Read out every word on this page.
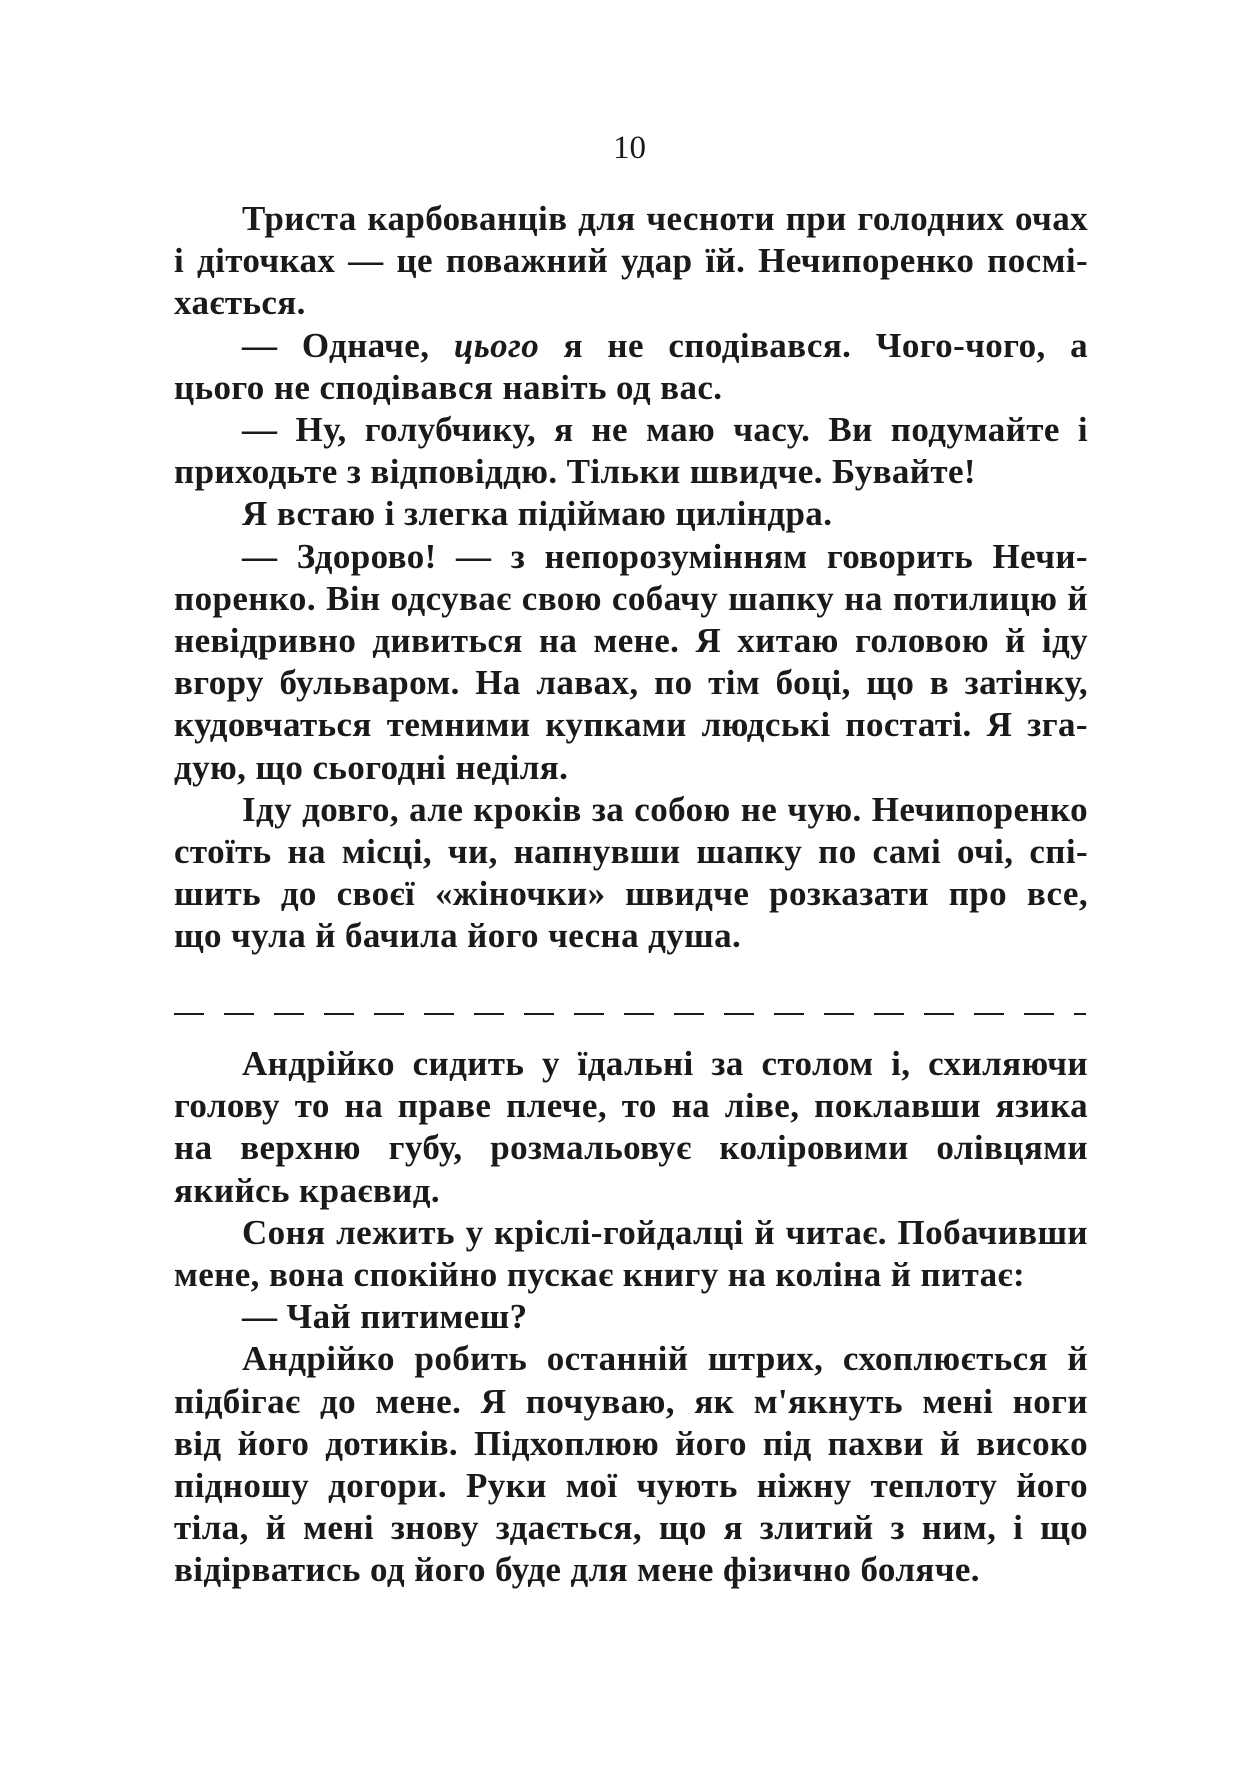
10

Триста карбованців для чесноти при голодних очах
і діточках — це поважний удар їй. Нечипоренко посмі-
хається.

— Одначе, цього я не сподівався. Чого-чого, а
цього не сподівався навіть од вас.

— Ну, голубчику, я не маю часу. Ви подумайте і
приходьте з відповіддю. Тільки швидче. Бувайте!

Я встаю і злегка підіймаю циліндра.

— Здорово! — з непорозумінням говорить Нечи-
поренко. Він одсуває свою собачу шапку на потилицю й
невідривно дивиться на мене. Я хитаю головою й іду
вгору бульваром. На лавах, по тім боці, що в затінку,
кудовчаться темними купками людські постаті. Я зга-
дую, що сьогодні неділя.

Іду довго, але кроків за собою не чую. Нечипоренко
стоїть на місці, чи, напнувши шапку по самі очі, спі-
шить до своєї «жіночки» швидче розказати про все,
що чула й бачила його чесна душа.

Андрійко сидить у їдальні за столом і, схиляючи
голову то на праве плече, то на ліве, поклавши язика
на верхню губу, розмальовує коліровими олівцями
якийсь краєвид.

Соня лежить у кріслі-гойдалці й читає. Побачивши
мене, вона спокійно пускає книгу на коліна й питає:

— Чай питимеш?

Андрійко робить останній штрих, схоплюється й
підбігає до мене. Я почуваю, як м'якнуть мені ноги
від його дотиків. Підхоплюю його під пахви й високо
підношу догори. Руки мої чують ніжну теплоту його
тіла, й мені знову здається, що я злитий з ним, і що
відірватись од його буде для мене фізично боляче.
